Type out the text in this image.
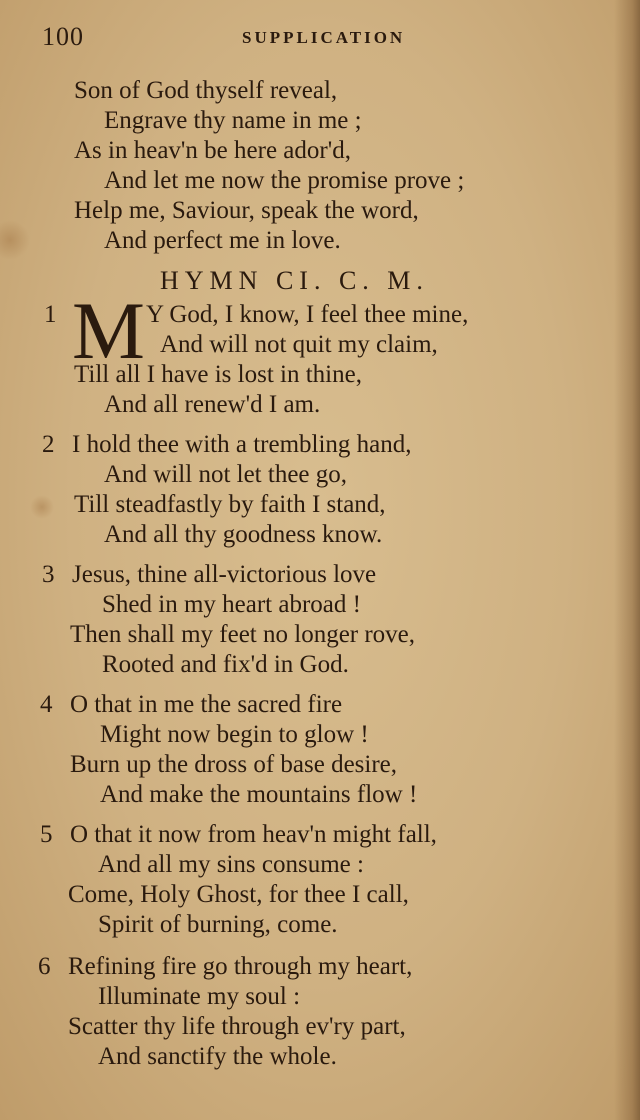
100	SUPPLICATION
Son of God thyself reveal,
Engrave thy name in me ;
As in heav'n be here ador'd,
And let me now the promise prove ;
Help me, Saviour, speak the word,
And perfect me in love.
HYMN CI. C. M.
1 M Y God, I know, I feel thee mine,
And will not quit my claim,
Till all I have is lost in thine,
And all renew'd I am.
2 I hold thee with a trembling hand,
And will not let thee go,
Till steadfastly by faith I stand,
And all thy goodness know.
3 Jesus, thine all-victorious love
Shed in my heart abroad !
Then shall my feet no longer rove,
Rooted and fix'd in God.
4 O that in me the sacred fire
Might now begin to glow !
Burn up the dross of base desire,
And make the mountains flow !
5 O that it now from heav'n might fall,
And all my sins consume :
Come, Holy Ghost, for thee I call,
Spirit of burning, come.
6 Refining fire go through my heart,
Illuminate my soul :
Scatter thy life through ev'ry part,
And sanctify the whole.
